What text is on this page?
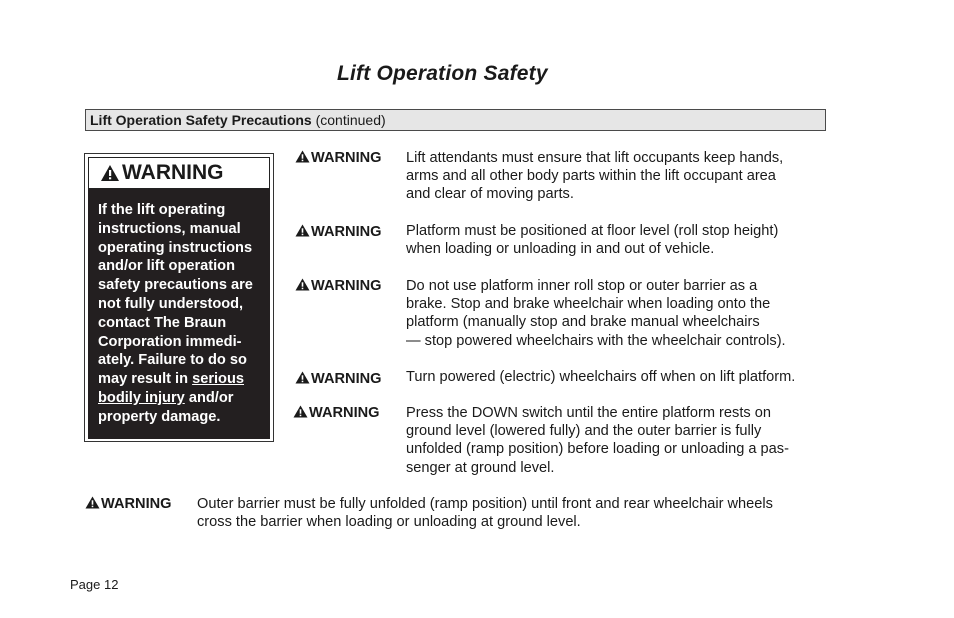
Lift Operation Safety
Lift Operation Safety Precautions (continued)
WARNING
If the lift operating
instructions, manual
operating instructions
and/or lift operation
safety precautions are
not fully understood,
contact The Braun
Corporation immedi-
ately. Failure to do so
may result in serious
bodily injury and/or
property damage.
WARNING Lift attendants must ensure that lift occupants keep hands,
arms and all other body parts within the lift occupant area
and clear of moving parts.
WARNING Platform must be positioned at floor level (roll stop height)
when loading or unloading in and out of vehicle.
WARNING Do not use platform inner roll stop or outer barrier as a
brake. Stop and brake wheelchair when loading onto the
platform (manually stop and brake manual wheelchairs
— stop powered wheelchairs with the wheelchair controls).
WARNING Turn powered (electric) wheelchairs off when on lift platform.
WARNING Press the DOWN switch until the entire platform rests on
ground level (lowered fully) and the outer barrier is fully
unfolded (ramp position) before loading or unloading a pas-
senger at ground level.
WARNING Outer barrier must be fully unfolded (ramp position) until front and rear wheelchair wheels
cross the barrier when loading or unloading at ground level.
Page 12
